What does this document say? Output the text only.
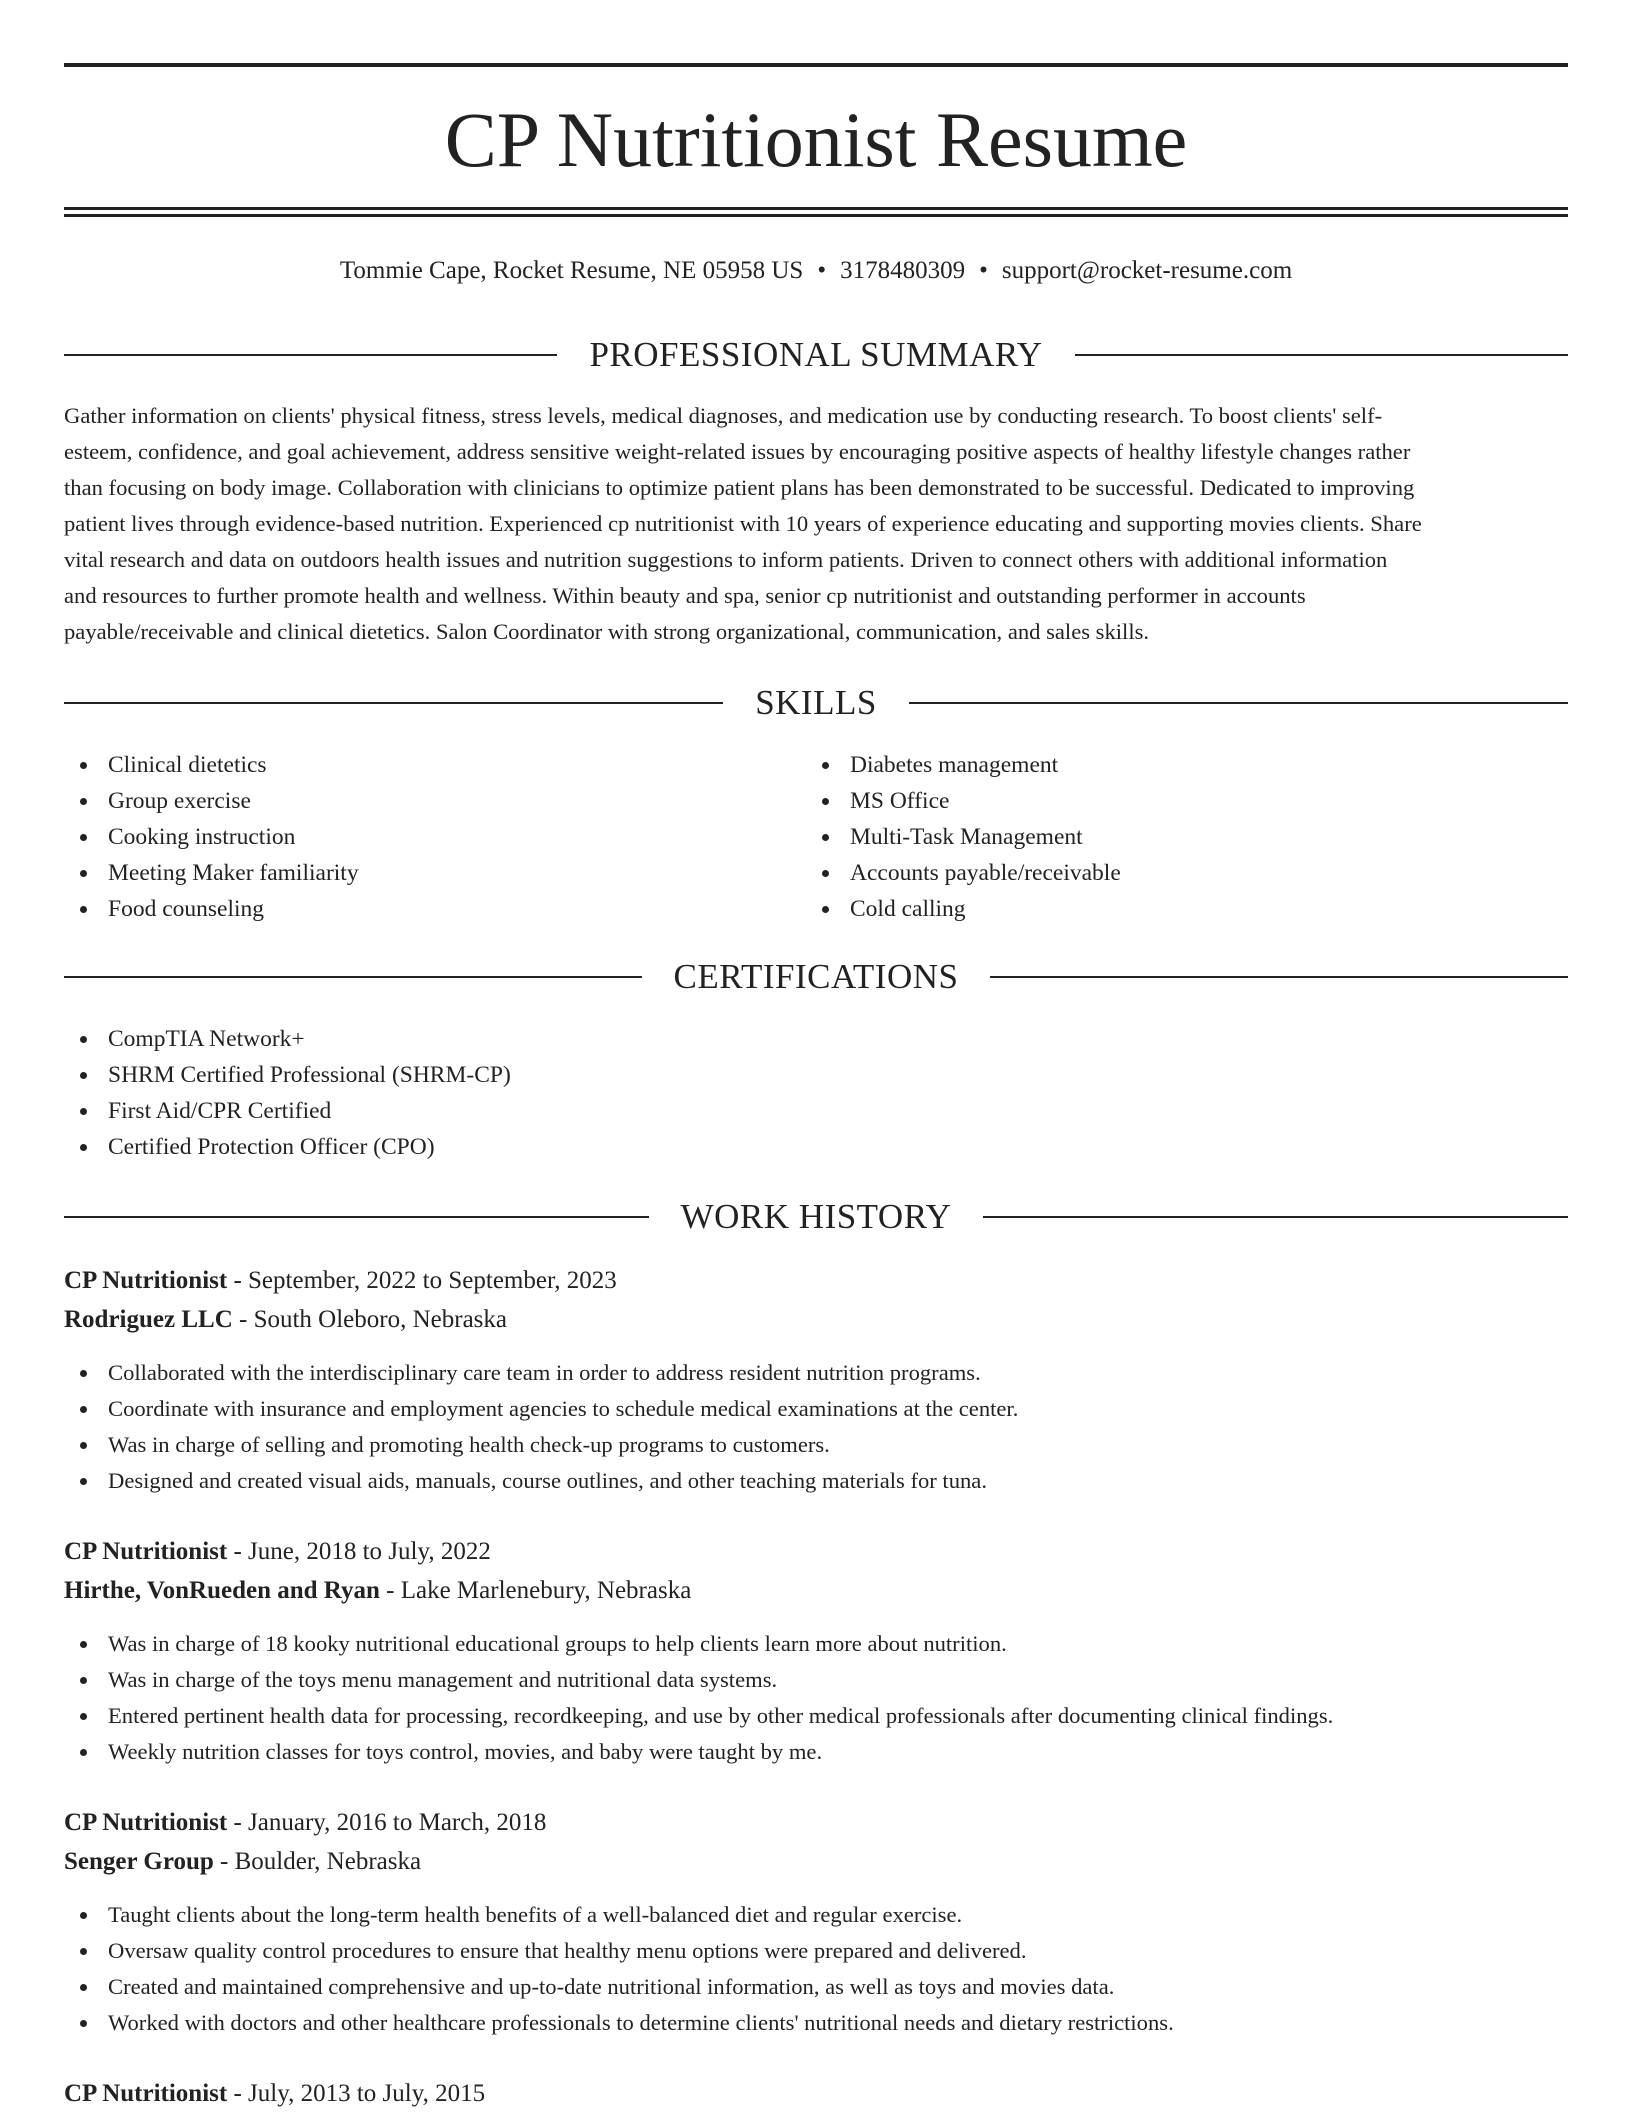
CP Nutritionist Resume
Tommie Cape, Rocket Resume, NE 05958 US • 3178480309 • support@rocket-resume.com
PROFESSIONAL SUMMARY
Gather information on clients' physical fitness, stress levels, medical diagnoses, and medication use by conducting research. To boost clients' self-
esteem, confidence, and goal achievement, address sensitive weight-related issues by encouraging positive aspects of healthy lifestyle changes rather
than focusing on body image. Collaboration with clinicians to optimize patient plans has been demonstrated to be successful. Dedicated to improving
patient lives through evidence-based nutrition. Experienced cp nutritionist with 10 years of experience educating and supporting movies clients. Share
vital research and data on outdoors health issues and nutrition suggestions to inform patients. Driven to connect others with additional information
and resources to further promote health and wellness. Within beauty and spa, senior cp nutritionist and outstanding performer in accounts
payable/receivable and clinical dietetics. Salon Coordinator with strong organizational, communication, and sales skills.
SKILLS
Clinical dietetics
Group exercise
Cooking instruction
Meeting Maker familiarity
Food counseling
Diabetes management
MS Office
Multi-Task Management
Accounts payable/receivable
Cold calling
CERTIFICATIONS
CompTIA Network+
SHRM Certified Professional (SHRM-CP)
First Aid/CPR Certified
Certified Protection Officer (CPO)
WORK HISTORY
CP Nutritionist - September, 2022 to September, 2023
Rodriguez LLC - South Oleboro, Nebraska
Collaborated with the interdisciplinary care team in order to address resident nutrition programs.
Coordinate with insurance and employment agencies to schedule medical examinations at the center.
Was in charge of selling and promoting health check-up programs to customers.
Designed and created visual aids, manuals, course outlines, and other teaching materials for tuna.
CP Nutritionist - June, 2018 to July, 2022
Hirthe, VonRueden and Ryan - Lake Marlenebury, Nebraska
Was in charge of 18 kooky nutritional educational groups to help clients learn more about nutrition.
Was in charge of the toys menu management and nutritional data systems.
Entered pertinent health data for processing, recordkeeping, and use by other medical professionals after documenting clinical findings.
Weekly nutrition classes for toys control, movies, and baby were taught by me.
CP Nutritionist - January, 2016 to March, 2018
Senger Group - Boulder, Nebraska
Taught clients about the long-term health benefits of a well-balanced diet and regular exercise.
Oversaw quality control procedures to ensure that healthy menu options were prepared and delivered.
Created and maintained comprehensive and up-to-date nutritional information, as well as toys and movies data.
Worked with doctors and other healthcare professionals to determine clients' nutritional needs and dietary restrictions.
CP Nutritionist - July, 2013 to July, 2015
